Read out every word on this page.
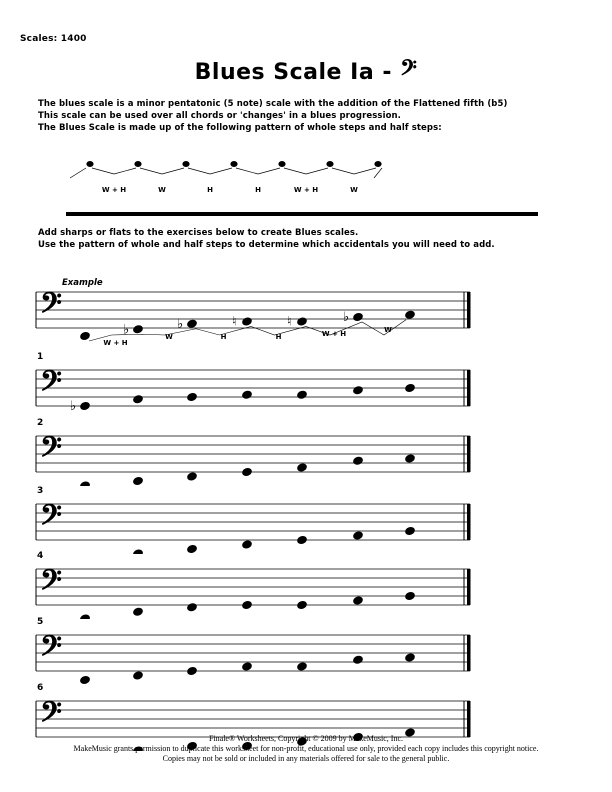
Scales: 1400
Blues Scale Ia - 𝄢
The blues scale is a minor pentatonic (5 note) scale with the addition of the Flattened fifth (b5)
This scale can be used over all chords or 'changes' in a blues progression.
The Blues Scale is made up of the following pattern of whole steps and half steps:
W + H	W	H	H	W + H	W
Add sharps or flats to the exercises below to create Blues scales.
Use the pattern of whole and half steps to determine which accidentals you will need to add.
Example
𝄢
♭	♭	♮	♮	♭
W + H
W	H	H	W + H	W
1
𝄢
♭
2
𝄢
3
𝄢
4
𝄢
5
𝄢
6
𝄢
Finale® Worksheets, Copyright © 2009 by MakeMusic, Inc.
MakeMusic grants permission to duplicate this worksheet for non-profit, educational use only, provided each copy includes this copyright notice.
Copies may not be sold or included in any materials offered for sale to the general public.
